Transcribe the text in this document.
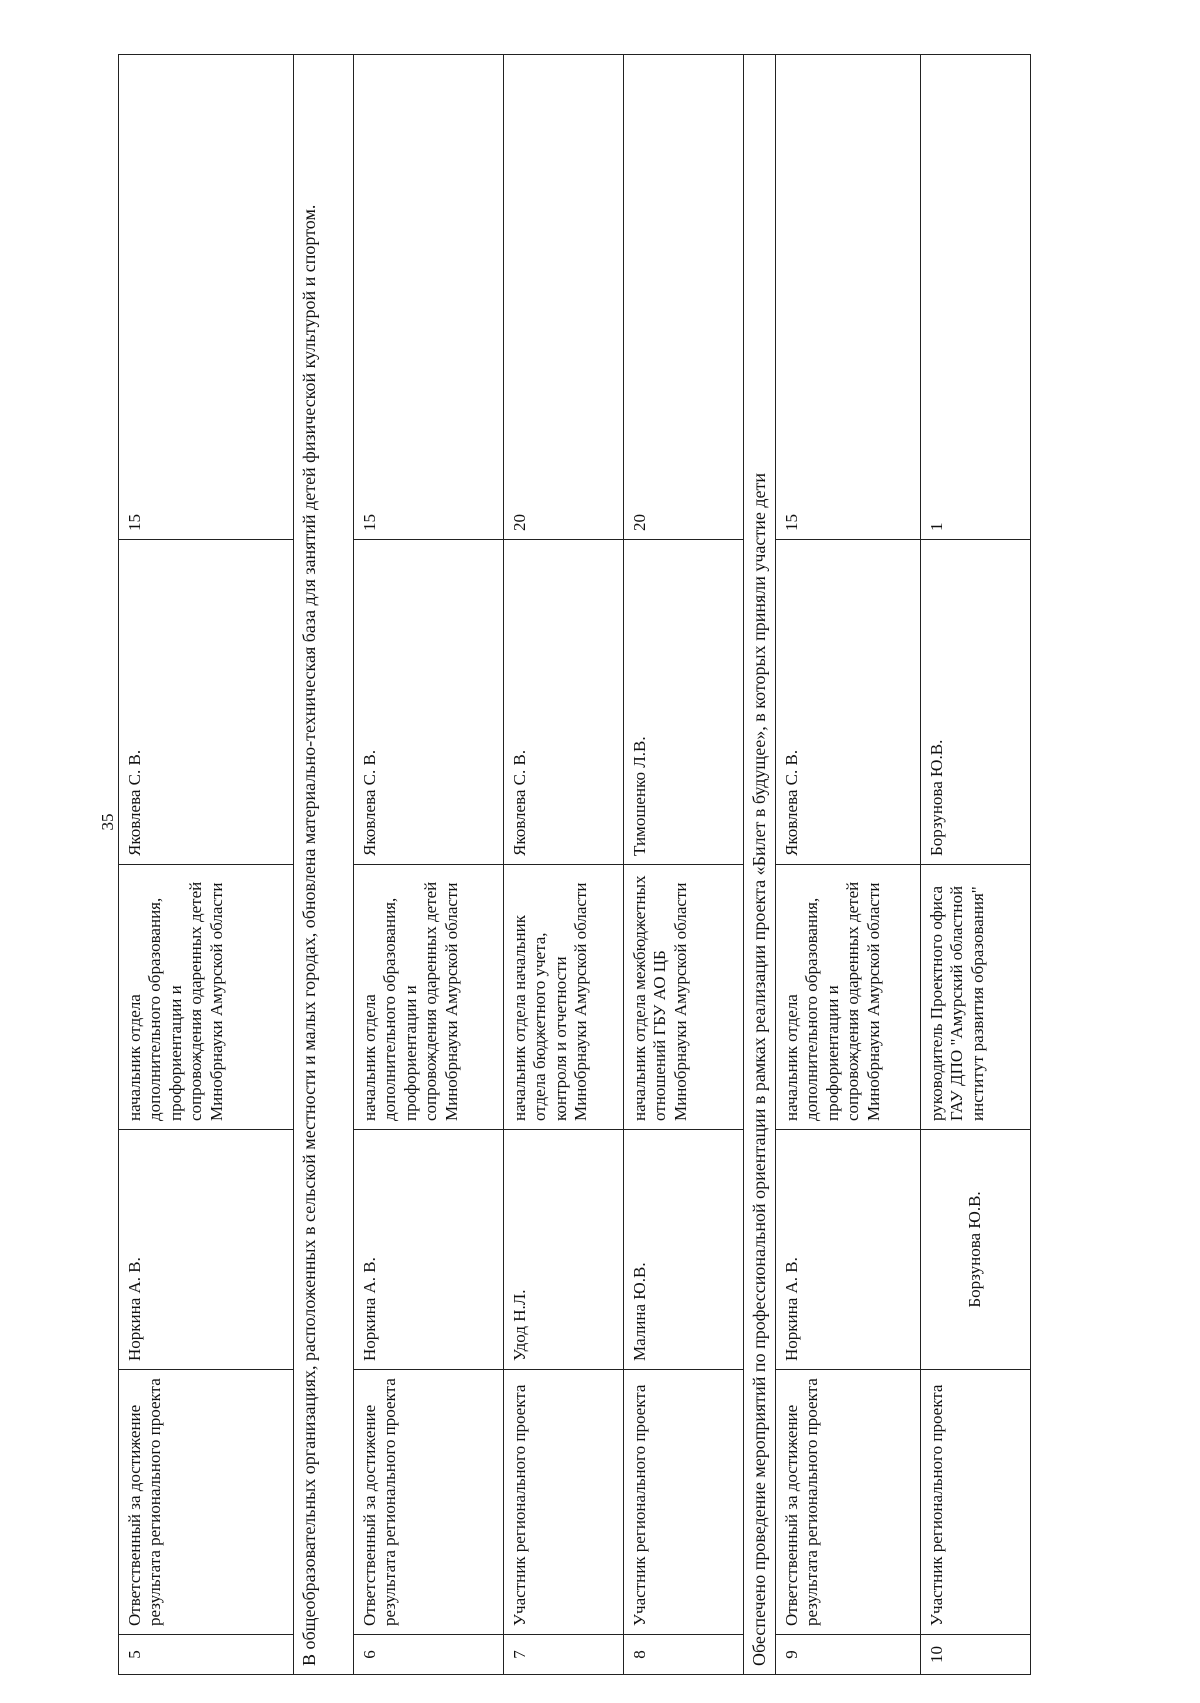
35
5	Ответственный за достижение результата регионального проекта	Норкина А. В.	начальник отдела дополнительного образования, профориентации и сопровождения одаренных детей Минобрнауки Амурской области	Яковлева С. В.	15
В общеобразовательных организациях, расположенных в сельской местности и малых городах, обновлена материально-техническая база для занятий детей физической культурой и спортом.					
6	Ответственный за достижение результата регионального проекта	Норкина А. В.	начальник отдела дополнительного образования, профориентации и сопровождения одаренных детей Минобрнауки Амурской области	Яковлева С. В.	15
7	Участник регионального проекта	Удод Н.Л.	начальник отдела начальник отдела бюджетного учета, контроля и отчетности Минобрнауки Амурской области	Яковлева С. В.	20
8	Участник регионального проекта	Малина Ю.В.	начальник отдела межбюджетных отношений ГБУ АО ЦБ Минобрнауки Амурской области	Тимошенко Л.В.	20
Обеспечено проведение мероприятий по профессиональной ориентации в рамках реализации проекта «Билет в будущее», в которых приняли участие дети					
9	Ответственный за достижение результата регионального проекта	Норкина А. В.	начальник отдела дополнительного образования, профориентации и сопровождения одаренных детей Минобрнауки Амурской области	Яковлева С. В.	15
10	Участник регионального проекта	Борзунова Ю.В.	руководитель Проектного офиса ГАУ ДПО "Амурский областной институт развития образования"	Борзунова Ю.В.	1
